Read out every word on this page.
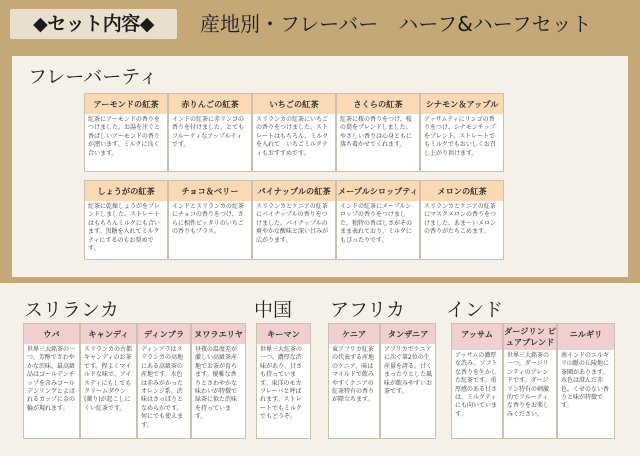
◆セット内容◆	産地別・フレーバー　ハーフ&ハーフセット
フレーバーティ
アーモンドの紅茶
紅茶にアーモンドの香りをつけました。お湯を注ぐと香ばしいアーモンドの香りが漂います。ミルクに良く合います。
赤りんごの紅茶
インドの紅茶に赤リンゴの香りを付けました。とてもフルーティなアップルティです。
いちごの紅茶
スリランカの紅茶にいちごの香りをつけました。ストレートはもちろん、ミルクを入れて　いちごミルクティもおすすめです。
さくらの紅茶
紅茶に桜の香りをつけ、桜の葉をブレンドしました。やさしい香りは心身ともに落ち着かせてくれます。
シナモン＆アップル
アッサムティにリンゴの香りをつけ、シナモンチップをブレンド。ストレートでもミルクでもおいしくお召し上がり頂けます。
しょうがの紅茶
紅茶に乾燥しょうがをブレンドしました。ストレートはもちろんミルクにも合います。黒糖を入れてミルクティにするのもお奨めです。
チョコ＆ベリー
インドとスリランカの紅茶にチョコの香りをつけ、さらに相性ピッタリのいちごの香りもプラス。
パイナップルの紅茶
スリランカとケニアの紅茶にパイナップルの香りをつけました。パイナップルの爽やかな酸味と深い甘みが広がります。
メープルシロップティ
インドの紅茶にメープルシロップの香りをつけました。独特の香ばしさがそのまま表れており、ミルクにもぴったりです。
メロンの紅茶
スリランカとケニアの紅茶にマスクメロンの香りをつけました。あま〜いメロンの香りがたちこめます。
スリランカ	中国 アフリカ インド
ウバ
世界三大銘茶の一つ。芳醇でさわやかな渋味。最高級品はゴールデンチップを含みゴールデンリングとよばれるカップに金の輪が現れます。
キャンディ
スリランカの古都キャンディのお茶です。程よくマイルドな味で、アイスティにもしてもクリームダウン(濁り)が起こしにくい紅茶です。
ディンブラ
ディンブラはスリランカの高地にある高級茶の産地です。水色は赤みがかったオレンジ系。渋味はさっぱりとなめらかです。何にでも使えます。
ヌワラエリヤ
昼夜の温度差が激しい高級茶産地でお茶が育ちます。優雅な香りとさわやかな味わいが特徴で緑茶に似た渋味を持っています。
キーマン
世界三大紅茶の一つ。濃厚な渋味があり、甘さも持っています。東洋のモカフレーバと呼ばれます。ストレートでもミルクでもどうぞ。
ケニア
東アフリカ紅茶の代表する産地のケニア。味はマイルドで飲みやすくケニアの紅茶特有の香りが際立ちます。
タンザニア
アフリカでケニアに次ぐ第2位の生産量を誇る。甘くまったりとした風味が飲みやすいお茶です。
アッサム
アッサムの濃厚な渋み、ソフトな香りを生かした紅茶です。重厚感のある甘さは、ミルクティにも向いています。
ダージリン ピュアブレンド
世界三大銘茶の一つ。ダージリンティのブレンドです。ダージリン特有の刺激的でフルーティな香りをお楽しみください。
ニルギリ
南インドのニルギリ山脈の丘陵地に茶園があります。水色は澄んだ赤色。くせのない香りと味が特徴です。
